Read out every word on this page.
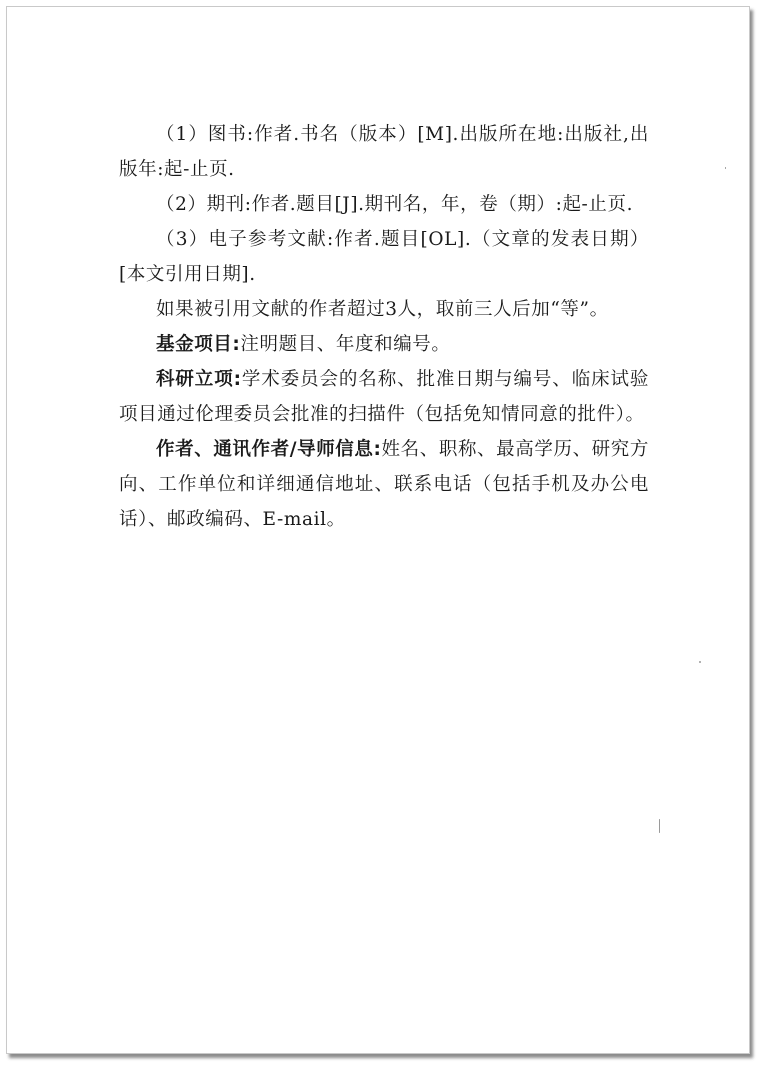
（1）图书:作者.书名（版本）[M].出版所在地:出版社,出版年:起-止页.

（2）期刊:作者.题目[J].期刊名，年，卷（期）:起-止页.

（3）电子参考文献:作者.题目[OL].（文章的发表日期）[本文引用日期].

如果被引用文献的作者超过3人，取前三人后加“等”。

基金项目:注明题目、年度和编号。

科研立项:学术委员会的名称、批准日期与编号、临床试验项目通过伦理委员会批准的扫描件（包括免知情同意的批件）。

作者、通讯作者/导师信息:姓名、职称、最高学历、研究方向、工作单位和详细通信地址、联系电话（包括手机及办公电话）、邮政编码、E-mail。
